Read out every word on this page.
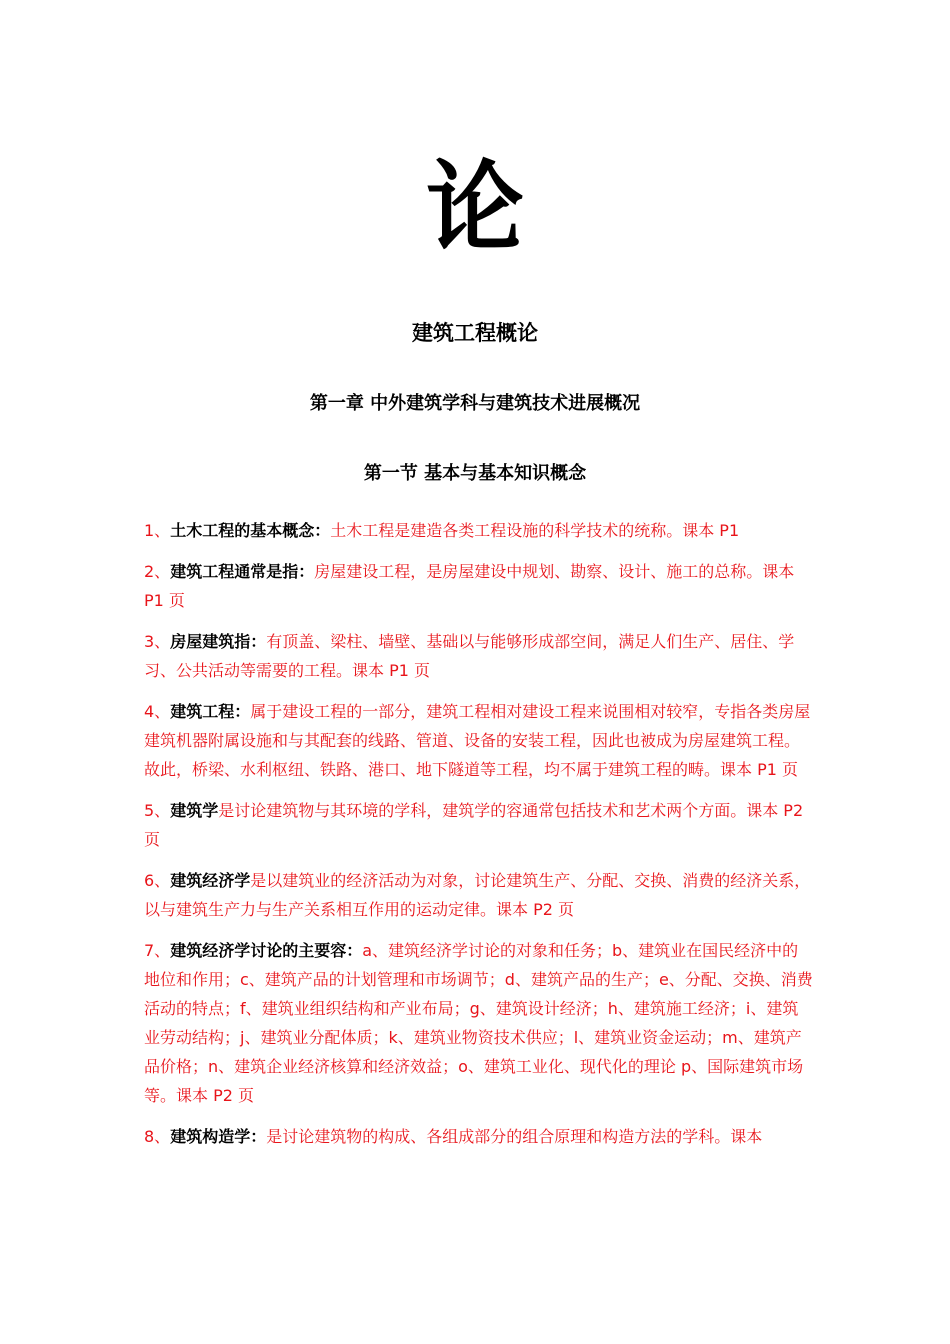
论
建筑工程概论
第一章 中外建筑学科与建筑技术进展概况
第一节 基本与基本知识概念

1、土木工程的基本概念：土木工程是建造各类工程设施的科学技术的统称。课本 P1

2、建筑工程通常是指：房屋建设工程，是房屋建设中规划、勘察、设计、施工的总称。课本 P1 页

3、房屋建筑指：有顶盖、梁柱、墙壁、基础以与能够形成部空间，满足人们生产、居住、学习、公共活动等需要的工程。课本 P1 页

4、建筑工程：属于建设工程的一部分，建筑工程相对建设工程来说围相对较窄，专指各类房屋建筑机器附属设施和与其配套的线路、管道、设备的安装工程，因此也被成为房屋建筑工程。故此，桥梁、水利枢纽、铁路、港口、地下隧道等工程，均不属于建筑工程的畴。课本 P1 页

5、建筑学是讨论建筑物与其环境的学科，建筑学的容通常包括技术和艺术两个方面。课本 P2 页

6、建筑经济学是以建筑业的经济活动为对象，讨论建筑生产、分配、交换、消费的经济关系，以与建筑生产力与生产关系相互作用的运动定律。课本 P2 页

7、建筑经济学讨论的主要容：a、建筑经济学讨论的对象和任务；b、建筑业在国民经济中的地位和作用；c、建筑产品的计划管理和市场调节；d、建筑产品的生产；e、分配、交换、消费活动的特点；f、建筑业组织结构和产业布局；g、建筑设计经济；h、建筑施工经济；i、建筑业劳动结构；j、建筑业分配体质；k、建筑业物资技术供应；l、建筑业资金运动；m、建筑产品价格；n、建筑企业经济核算和经济效益；o、建筑工业化、现代化的理论 p、国际建筑市场等。课本 P2 页

8、建筑构造学：是讨论建筑物的构成、各组成部分的组合原理和构造方法的学科。课本
